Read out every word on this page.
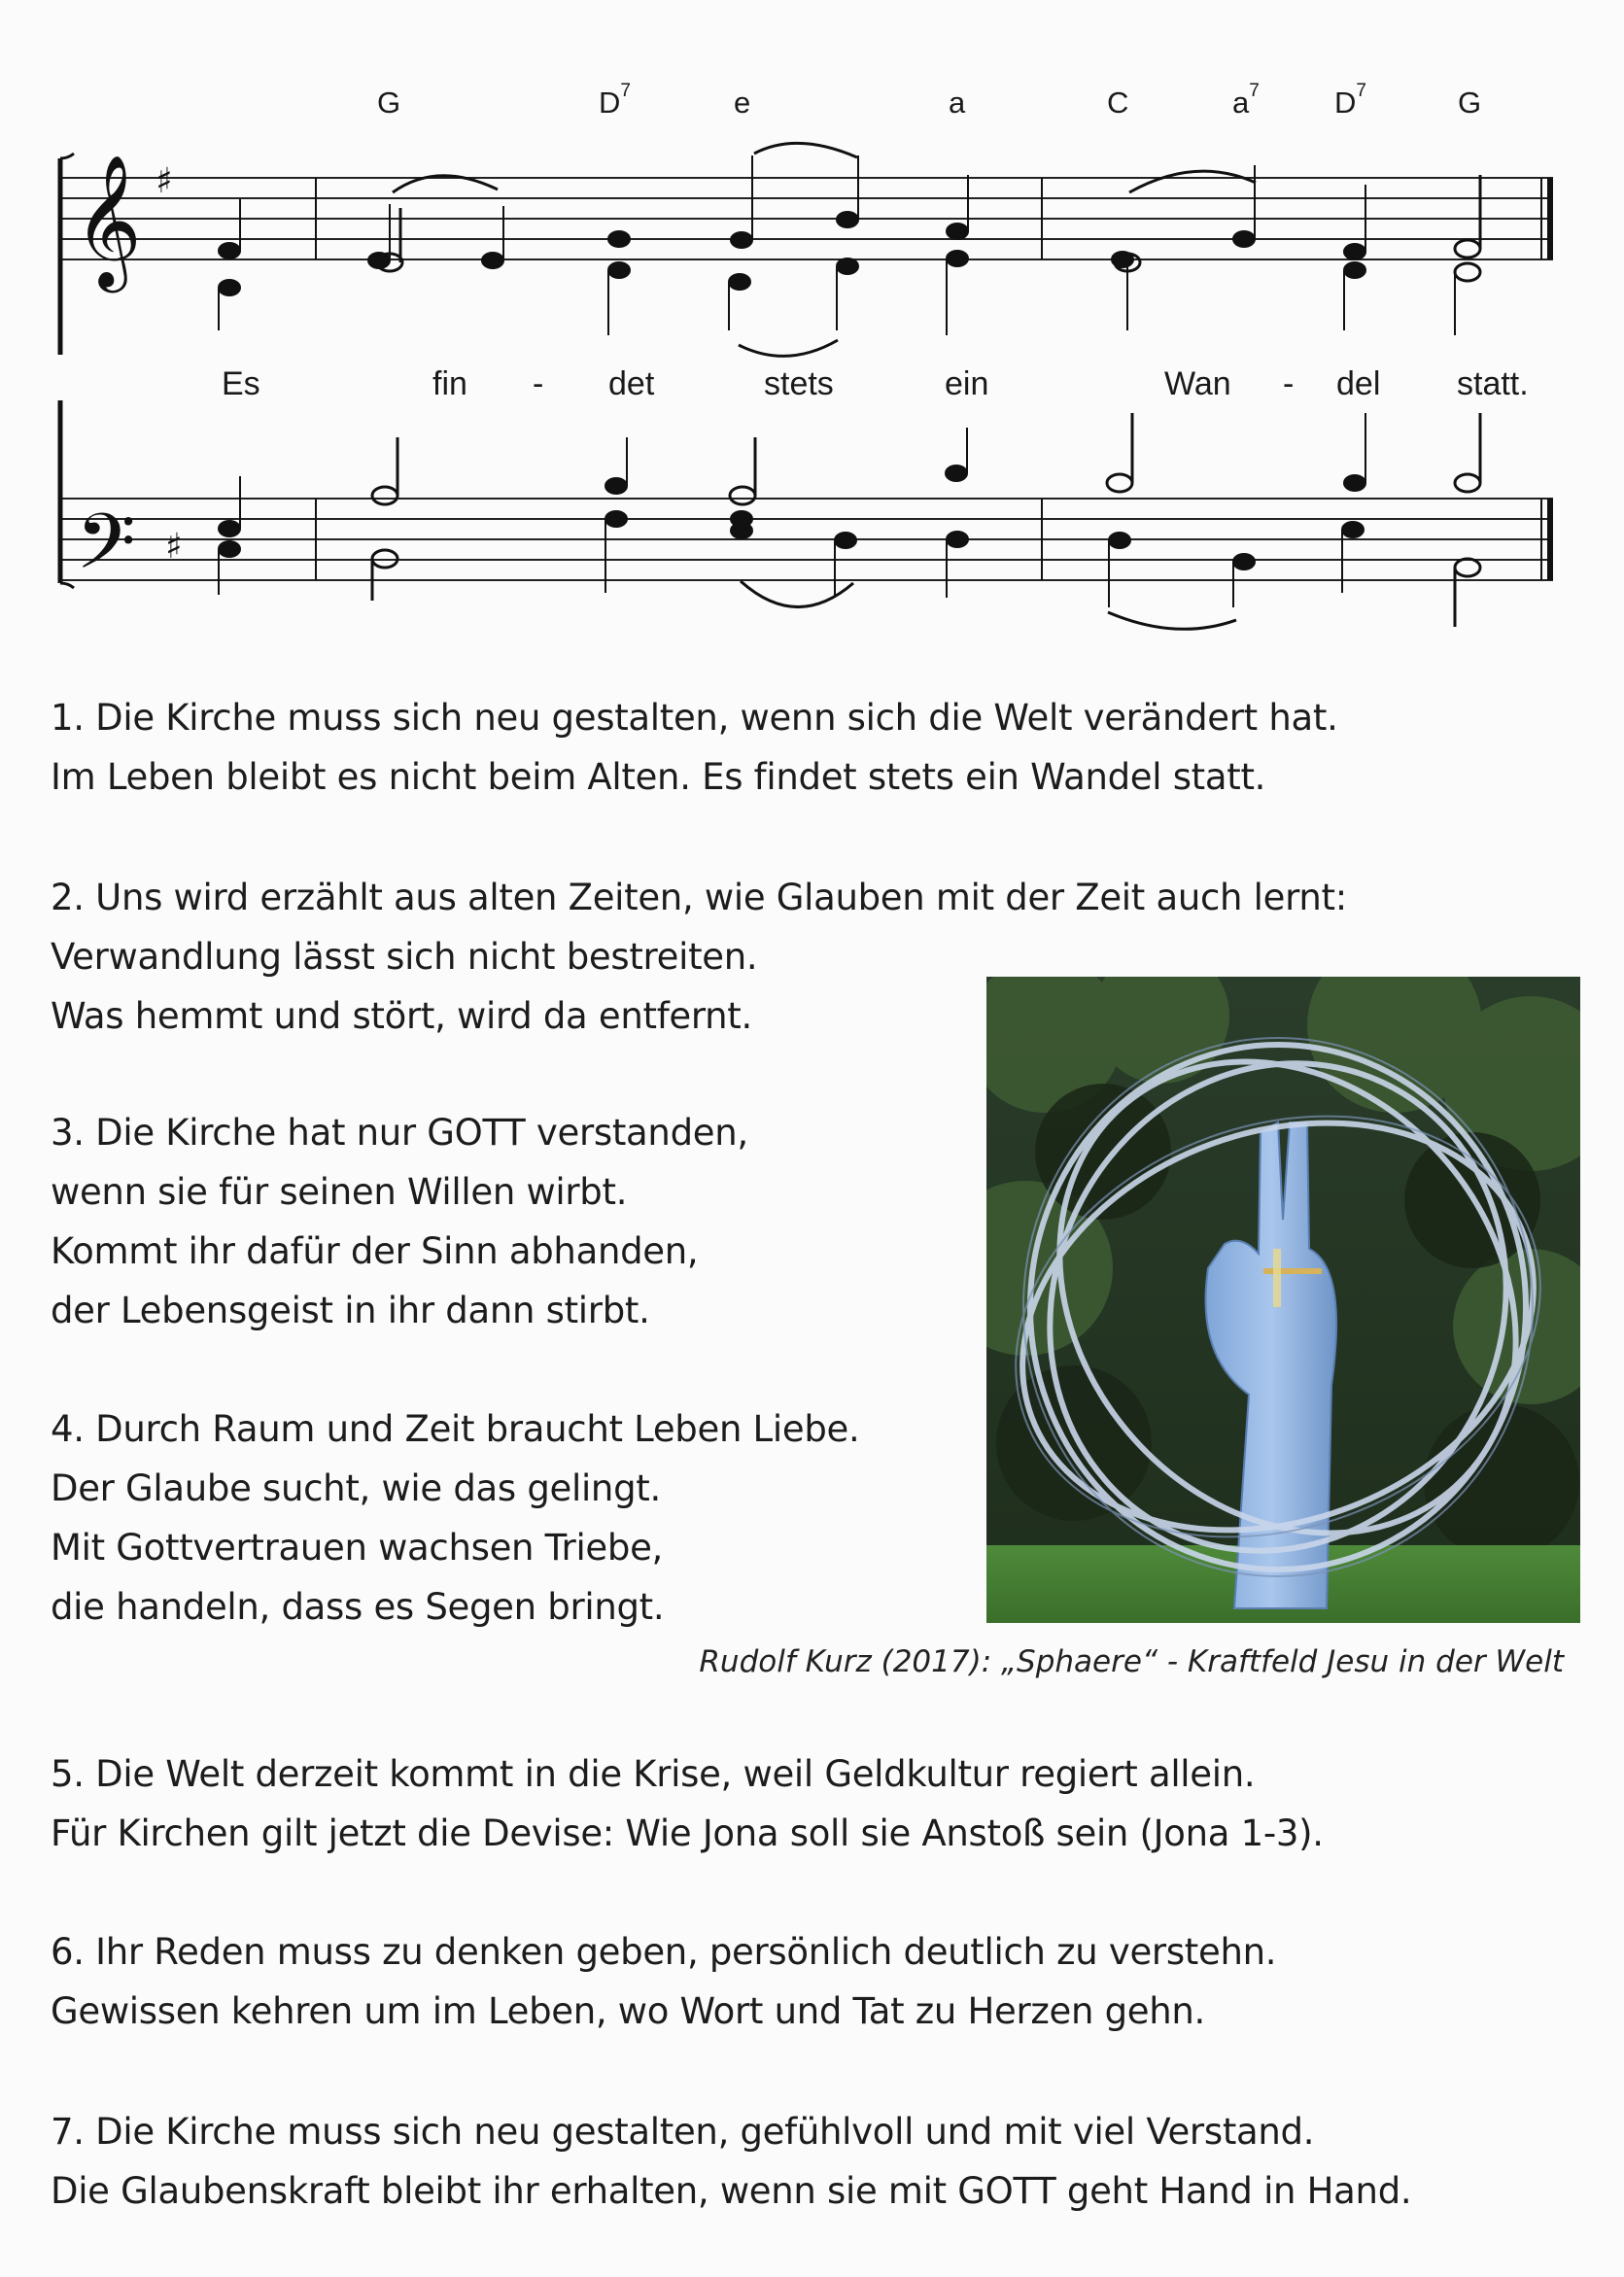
𝄞
𝄢
♯
♯
G	$D^7$	e	a	C	$a^7$ $D^7$	G
Es	fin - det	stets	ein	Wan - del statt.
1. Die Kirche muss sich neu gestalten, wenn sich die Welt verändert hat.
Im Leben bleibt es nicht beim Alten. Es findet stets ein Wandel statt.
2. Uns wird erzählt aus alten Zeiten, wie Glauben mit der Zeit auch lernt:
Verwandlung lässt sich nicht bestreiten.
Was hemmt und stört, wird da entfernt.
3. Die Kirche hat nur GOTT verstanden,
wenn sie für seinen Willen wirbt.
Kommt ihr dafür der Sinn abhanden,
der Lebensgeist in ihr dann stirbt.
4. Durch Raum und Zeit braucht Leben Liebe.
Der Glaube sucht, wie das gelingt.
Mit Gottvertrauen wachsen Triebe,
die handeln, dass es Segen bringt.
5. Die Welt derzeit kommt in die Krise, weil Geldkultur regiert allein.
Für Kirchen gilt jetzt die Devise: Wie Jona soll sie Anstoß sein (Jona 1-3).
6. Ihr Reden muss zu denken geben, persönlich deutlich zu verstehn.
Gewissen kehren um im Leben, wo Wort und Tat zu Herzen gehn.
7. Die Kirche muss sich neu gestalten, gefühlvoll und mit viel Verstand.
Die Glaubenskraft bleibt ihr erhalten, wenn sie mit GOTT geht Hand in Hand.
Rudolf Kurz (2017): „Sphaere“ - Kraftfeld Jesu in der Welt
